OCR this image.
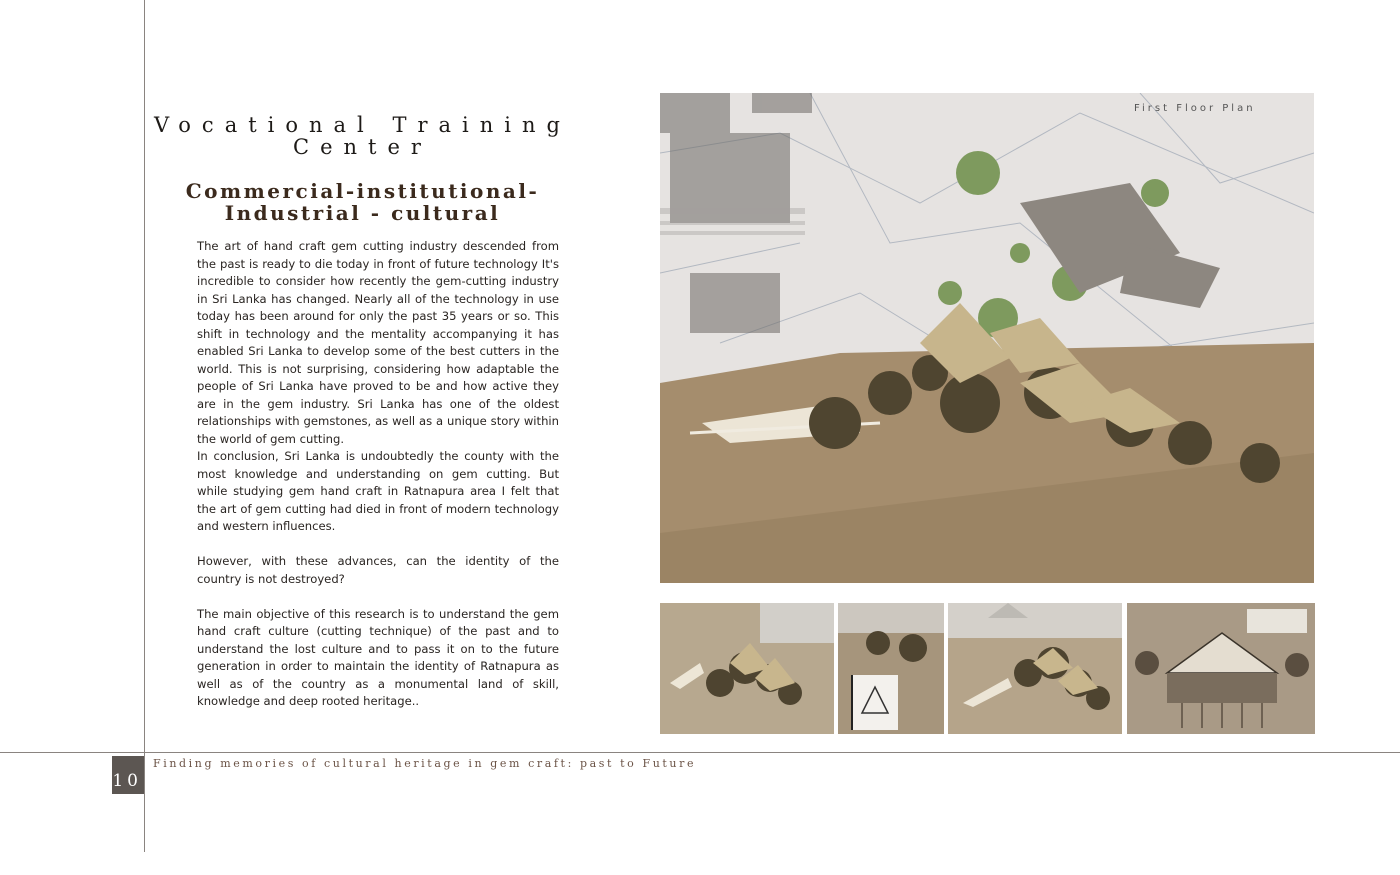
Vocational Training Center
Commercial-institutional-Industrial - cultural

The art of hand craft gem cutting industry descended from the past is ready to die today in front of future technology It's incredible to consider how recently the gem-cutting industry in Sri Lanka has changed. Nearly all of the technology in use today has been around for only the past 35 years or so. This shift in technology and the mentality accompanying it has enabled Sri Lanka to develop some of the best cutters in the world. This is not surprising, considering how adaptable the people of Sri Lanka have proved to be and how active they are in the gem industry. Sri Lanka has one of the oldest relationships with gemstones, as well as a unique story within the world of gem cutting.

In conclusion, Sri Lanka is undoubtedly the county with the most knowledge and understanding on gem cutting. But while studying gem hand craft in Ratnapura area I felt that the art of gem cutting had died in front of modern technology and western influences.

However, with these advances, can the identity of the country is not destroyed?

The main objective of this research is to understand the gem hand craft culture (cutting technique) of the past and to understand the lost culture and to pass it on to the future generation in order to maintain the identity of Ratnapura as well as of the country as a monumental land of skill, knowledge and deep rooted heritage..

First Floor Plan
10
Finding memories of cultural heritage in gem craft: past to Future
